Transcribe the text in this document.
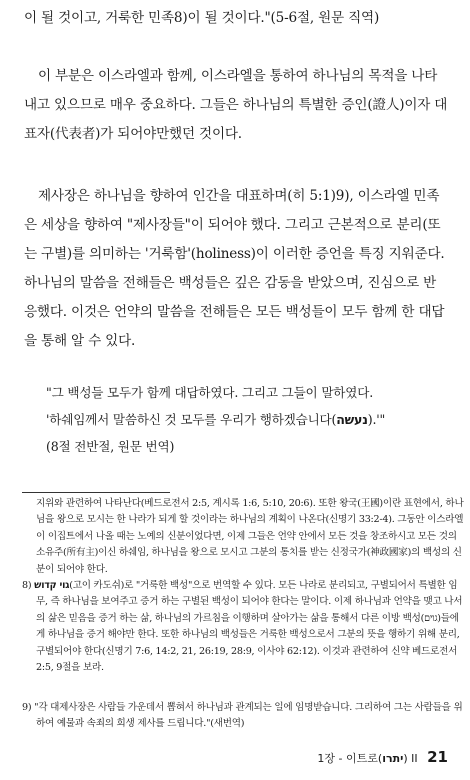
이 될 것이고, 거룩한 민족8)이 될 것이다."(5-6절, 원문 직역)

이 부분은 이스라엘과 함께, 이스라엘을 통하여 하나님의 목적을 나타내고 있으므로 매우 중요하다. 그들은 하나님의 특별한 증인(證人)이자 대표자(代表者)가 되어야만했던 것이다.

제사장은 하나님을 향하여 인간을 대표하며(히 5:1)9), 이스라엘 민족은 세상을 향하여 "제사장들"이 되어야 했다. 그리고 근본적으로 분리(또는 구별)를 의미하는 '거룩함'(holiness)이 이러한 증언을 특징 지워준다. 하나님의 말씀을 전해들은 백성들은 깊은 감동을 받았으며, 진심으로 반응했다. 이것은 언약의 말씀을 전해들은 모든 백성들이 모두 함께 한 대답을 통해 알 수 있다.

"그 백성들 모두가 함께 대답하였다. 그리고 그들이 말하였다.

'하쉐임께서 말씀하신 것 모두를 우리가 행하겠습니다(נעשה).'"

(8절 전반절, 원문 번역)

지위와 관련하여 나타난다(베드로전서 2:5, 계시록 1:6, 5:10, 20:6). 또한 왕국(王國)이란 표현에서, 하나님을 왕으로 모시는 한 나라가 되게 할 것이라는 하나님의 계획이 나온다(신명기 33:2-4). 그동안 이스라엘이 이집트에서 나올 때는 노예의 신분이었다면, 이제 그들은 언약 안에서 모든 것을 창조하시고 모든 것의 소유주(所有主)이신 하쉐임, 하나님을 왕으로 모시고 그분의 통치를 받는 신정국가(神政國家)의 백성의 신분이 되어야 한다.

8) גוי קדוש(고이 카도쉬)로 "거룩한 백성"으로 번역할 수 있다. 모든 나라로 분리되고, 구별되어서 특별한 임무, 즉 하나님을 보여주고 증거 하는 구별된 백성이 되어야 한다는 말이다. 이제 하나님과 언약을 맺고 나서의 삶은 믿음을 증거 하는 삶, 하나님의 가르침을 이행하며 살아가는 삶을 통해서 다른 이방 백성(גוים)들에게 하나님을 증거 해야만 한다. 또한 하나님의 백성들은 거룩한 백성으로서 그분의 뜻을 행하기 위해 분리, 구별되어야 한다(신명기 7:6, 14:2, 21, 26:19, 28:9, 이사야 62:12). 이것과 관련하여 신약 베드로전서 2:5, 9절을 보라.

9) "각 대제사장은 사람들 가운데서 뽑혀서 하나님과 관계되는 일에 임명받습니다. 그리하여 그는 사람들을 위하여 예물과 속죄의 희생 제사를 드립니다."(새번역)

1장 - 이트로(יתרו) II 21
